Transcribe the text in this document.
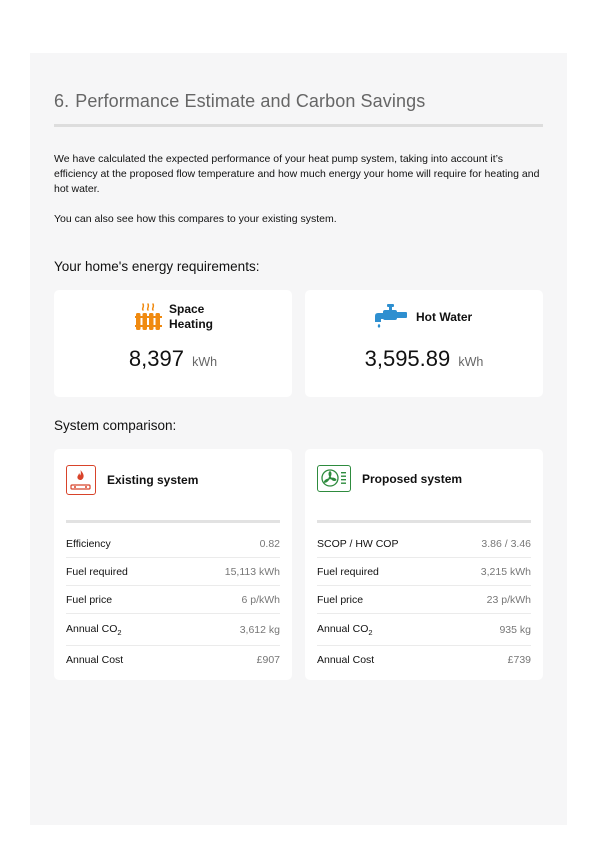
6. Performance Estimate and Carbon Savings

We have calculated the expected performance of your heat pump system, taking into account it’s efficiency at the proposed flow temperature and how much energy your home will require for heating and hot water.

You can also see how this compares to your existing system.

Your home's energy requirements:
Space
Heating
8,397 kWh
Hot Water
3,595.89 kWh
System comparison:
Existing system
Efficiency	0.82
Fuel required	15,113 kWh
Fuel price	6 p/kWh
Annual $CO_2$	3,612 kg
Annual Cost	£907
Proposed system
SCOP / HW COP	3.86 / 3.46
Fuel required	3,215 kWh
Fuel price	23 p/kWh
Annual $CO_2$	935 kg
Annual Cost	£739
